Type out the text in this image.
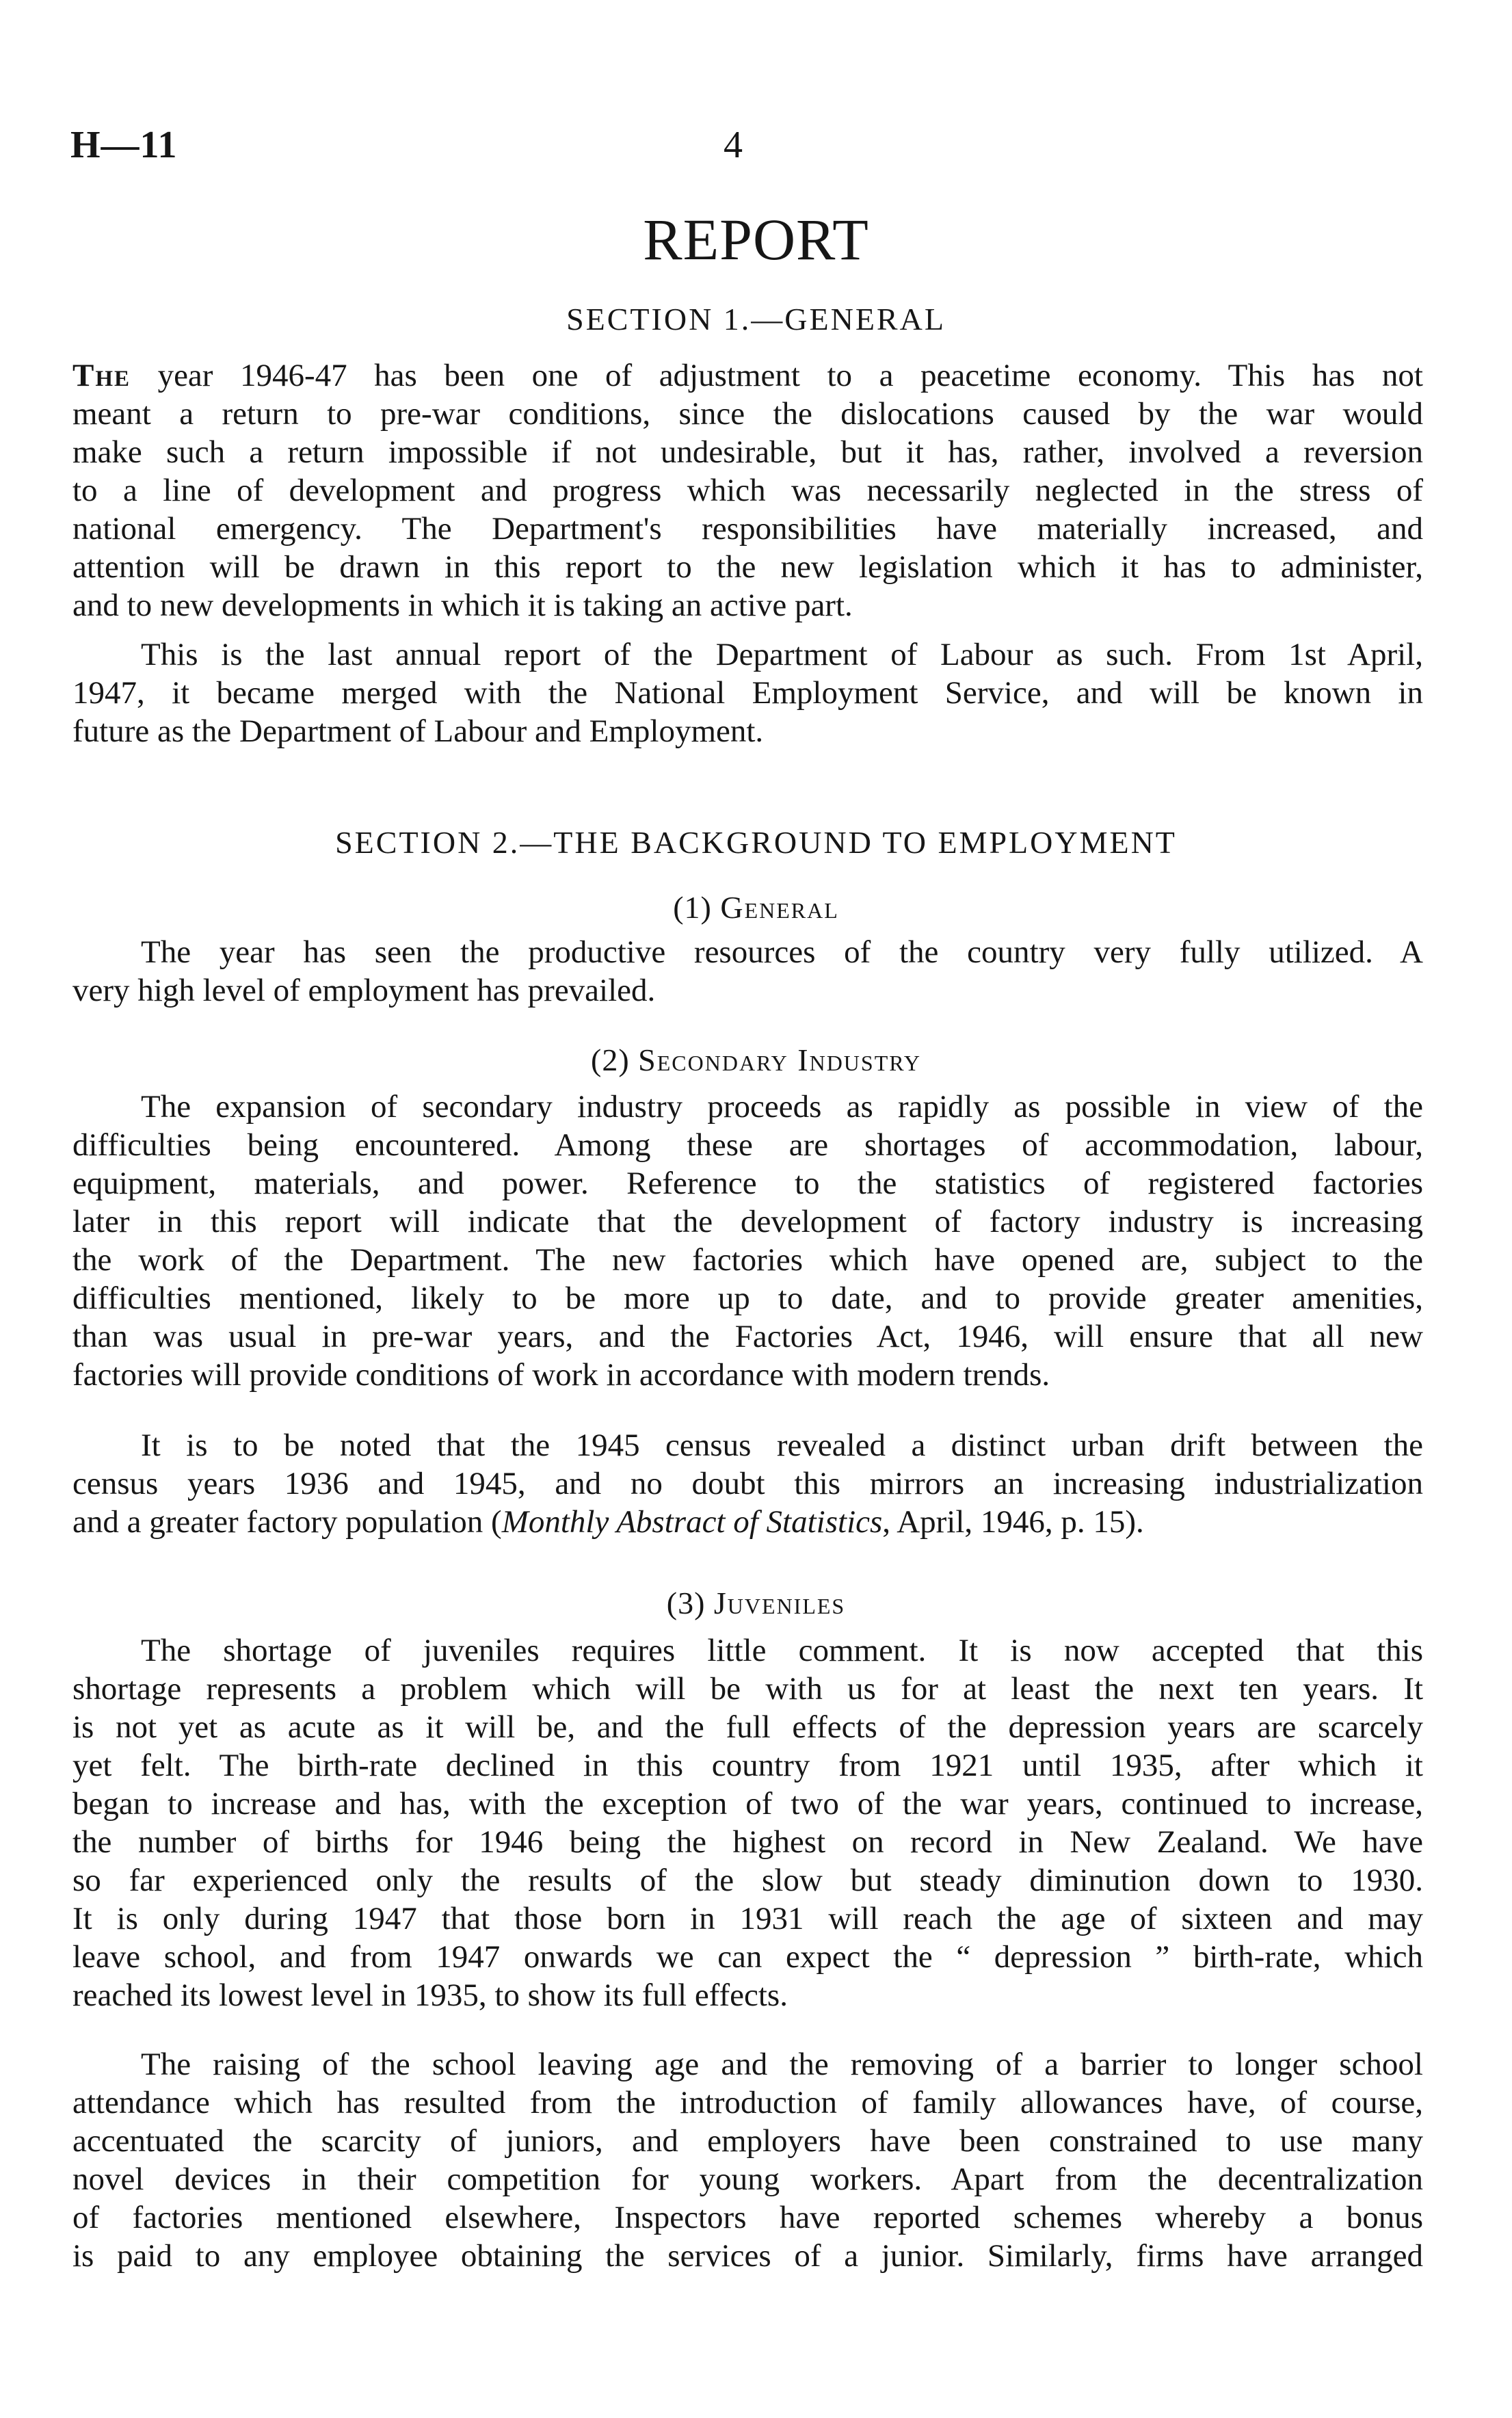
H—11	4
REPORT
SECTION 1.—GENERAL
The year 1946-47 has been one of adjustment to a peacetime economy. This has not
meant a return to pre-war conditions, since the dislocations caused by the war would
make such a return impossible if not undesirable, but it has, rather, involved a reversion
to a line of development and progress which was necessarily neglected in the stress of
national emergency. The Department's responsibilities have materially increased, and
attention will be drawn in this report to the new legislation which it has to administer,
and to new developments in which it is taking an active part.
This is the last annual report of the Department of Labour as such. From 1st April,
1947, it became merged with the National Employment Service, and will be known in
future as the Department of Labour and Employment.
SECTION 2.—THE BACKGROUND TO EMPLOYMENT
(1) General
The year has seen the productive resources of the country very fully utilized. A
very high level of employment has prevailed.
(2) Secondary Industry
The expansion of secondary industry proceeds as rapidly as possible in view of the
difficulties being encountered. Among these are shortages of accommodation, labour,
equipment, materials, and power. Reference to the statistics of registered factories
later in this report will indicate that the development of factory industry is increasing
the work of the Department. The new factories which have opened are, subject to the
difficulties mentioned, likely to be more up to date, and to provide greater amenities,
than was usual in pre-war years, and the Factories Act, 1946, will ensure that all new
factories will provide conditions of work in accordance with modern trends.
It is to be noted that the 1945 census revealed a distinct urban drift between the
census years 1936 and 1945, and no doubt this mirrors an increasing industrialization
and a greater factory population (Monthly Abstract of Statistics, April, 1946, p. 15).
(3) Juveniles
The shortage of juveniles requires little comment. It is now accepted that this
shortage represents a problem which will be with us for at least the next ten years. It
is not yet as acute as it will be, and the full effects of the depression years are scarcely
yet felt. The birth-rate declined in this country from 1921 until 1935, after which it
began to increase and has, with the exception of two of the war years, continued to increase,
the number of births for 1946 being the highest on record in New Zealand. We have
so far experienced only the results of the slow but steady diminution down to 1930.
It is only during 1947 that those born in 1931 will reach the age of sixteen and may
leave school, and from 1947 onwards we can expect the “ depression ” birth-rate, which
reached its lowest level in 1935, to show its full effects.
The raising of the school leaving age and the removing of a barrier to longer school
attendance which has resulted from the introduction of family allowances have, of course,
accentuated the scarcity of juniors, and employers have been constrained to use many
novel devices in their competition for young workers. Apart from the decentralization
of factories mentioned elsewhere, Inspectors have reported schemes whereby a bonus
is paid to any employee obtaining the services of a junior. Similarly, firms have arranged
